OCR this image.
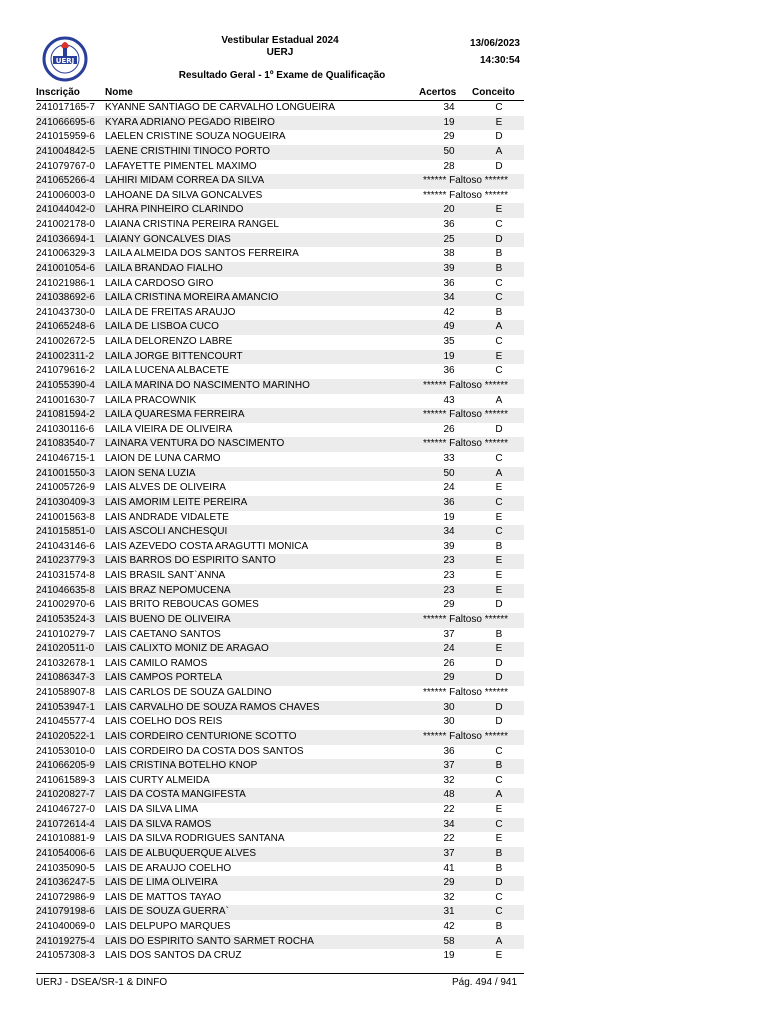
UERJ
Vestibular Estadual 2024
UERJ
Resultado Geral - 1º Exame de Qualificação
13/06/2023
14:30:54
Inscrição	Nome	Acertos Conceito
241017165-7 KYANNE SANTIAGO DE CARVALHO LONGUEIRA	34	C
241066695-6 KYARA ADRIANO PEGADO RIBEIRO	19	E
241015959-6 LAELEN CRISTINE SOUZA NOGUEIRA	29	D
241004842-5 LAENE CRISTHINI TINOCO PORTO	50	A
241079767-0 LAFAYETTE PIMENTEL MAXIMO	28	D
241065266-4 LAHIRI MIDAM CORREA DA SILVA	****** Faltoso ******
241006003-0 LAHOANE DA SILVA GONCALVES	****** Faltoso ******
241044042-0 LAHRA PINHEIRO CLARINDO	20	E
241002178-0 LAIANA CRISTINA PEREIRA RANGEL	36	C
241036694-1 LAIANY GONCALVES DIAS	25	D
241006329-3 LAILA ALMEIDA DOS SANTOS FERREIRA	38	B
241001054-6 LAILA BRANDAO FIALHO	39	B
241021986-1 LAILA CARDOSO GIRO	36	C
241038692-6 LAILA CRISTINA MOREIRA AMANCIO	34	C
241043730-0 LAILA DE FREITAS ARAUJO	42	B
241065248-6 LAILA DE LISBOA CUCO	49	A
241002672-5 LAILA DELORENZO LABRE	35	C
241002311-2 LAILA JORGE BITTENCOURT	19	E
241079616-2 LAILA LUCENA ALBACETE	36	C
241055390-4 LAILA MARINA DO NASCIMENTO MARINHO	****** Faltoso ******
241001630-7 LAILA PRACOWNIK	43	A
241081594-2 LAILA QUARESMA FERREIRA	****** Faltoso ******
241030116-6 LAILA VIEIRA DE OLIVEIRA	26	D
241083540-7 LAINARA VENTURA DO NASCIMENTO	****** Faltoso ******
241046715-1 LAION DE LUNA CARMO	33	C
241001550-3 LAION SENA LUZIA	50	A
241005726-9 LAIS ALVES DE OLIVEIRA	24	E
241030409-3 LAIS AMORIM LEITE PEREIRA	36	C
241001563-8 LAIS ANDRADE VIDALETE	19	E
241015851-0 LAIS ASCOLI ANCHESQUI	34	C
241043146-6 LAIS AZEVEDO COSTA ARAGUTTI MONICA	39	B
241023779-3 LAIS BARROS DO ESPIRITO SANTO	23	E
241031574-8 LAIS BRASIL SANT`ANNA	23	E
241046635-8 LAIS BRAZ NEPOMUCENA	23	E
241002970-6 LAIS BRITO REBOUCAS GOMES	29	D
241053524-3 LAIS BUENO DE OLIVEIRA	****** Faltoso ******
241010279-7 LAIS CAETANO SANTOS	37	B
241020511-0 LAIS CALIXTO MONIZ DE ARAGAO	24	E
241032678-1 LAIS CAMILO RAMOS	26	D
241086347-3 LAIS CAMPOS PORTELA	29	D
241058907-8 LAIS CARLOS DE SOUZA GALDINO	****** Faltoso ******
241053947-1 LAIS CARVALHO DE SOUZA RAMOS CHAVES	30	D
241045577-4 LAIS COELHO DOS REIS	30	D
241020522-1 LAIS CORDEIRO CENTURIONE SCOTTO	****** Faltoso ******
241053010-0 LAIS CORDEIRO DA COSTA DOS SANTOS	36	C
241066205-9 LAIS CRISTINA BOTELHO KNOP	37	B
241061589-3 LAIS CURTY ALMEIDA	32	C
241020827-7 LAIS DA COSTA MANGIFESTA	48	A
241046727-0 LAIS DA SILVA LIMA	22	E
241072614-4 LAIS DA SILVA RAMOS	34	C
241010881-9 LAIS DA SILVA RODRIGUES SANTANA	22	E
241054006-6 LAIS DE ALBUQUERQUE ALVES	37	B
241035090-5 LAIS DE ARAUJO COELHO	41	B
241036247-5 LAIS DE LIMA OLIVEIRA	29	D
241072986-9 LAIS DE MATTOS TAYAO	32	C
241079198-6 LAIS DE SOUZA GUERRA`	31	C
241040069-0 LAIS DELPUPO MARQUES	42	B
241019275-4 LAIS DO ESPIRITO SANTO SARMET ROCHA	58	A
241057308-3 LAIS DOS SANTOS DA CRUZ	19	E
UERJ - DSEA/SR-1 & DINFO	Pág. 494 / 941
